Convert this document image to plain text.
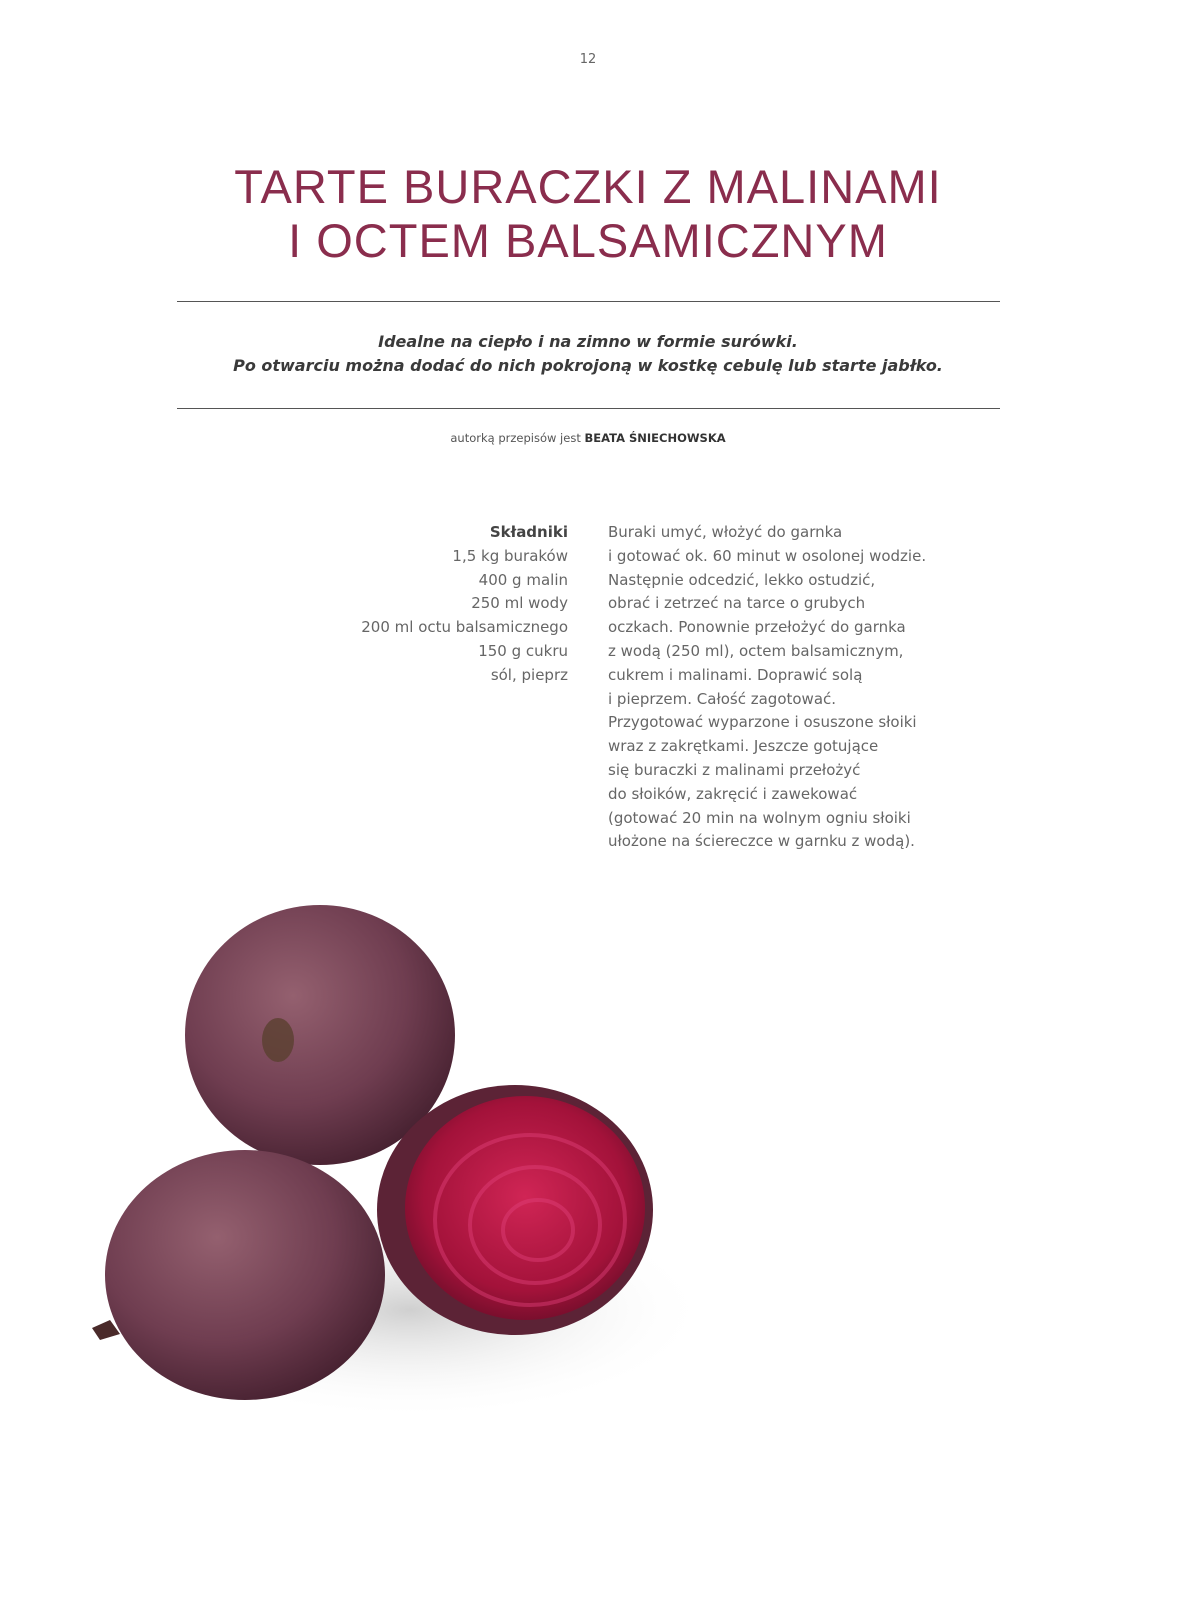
12
TARTE BURACZKI Z MALINAMI
I OCTEM BALSAMICZNYM
Idealne na ciepło i na zimno w formie surówki.
Po otwarciu można dodać do nich pokrojoną w kostkę cebulę lub starte jabłko.
autorką przepisów jest BEATA ŚNIECHOWSKA
Składniki
1,5 kg buraków
400 g malin
250 ml wody
200 ml octu balsamicznego
150 g cukru
sól, pieprz
Buraki umyć, włożyć do garnka
i gotować ok. 60 minut w osolonej wodzie.
Następnie odcedzić, lekko ostudzić,
obrać i zetrzeć na tarce o grubych
oczkach. Ponownie przełożyć do garnka
z wodą (250 ml), octem balsamicznym,
cukrem i malinami. Doprawić solą
i pieprzem. Całość zagotować.
Przygotować wyparzone i osuszone słoiki
wraz z zakrętkami. Jeszcze gotujące
się buraczki z malinami przełożyć
do słoików, zakręcić i zawekować
(gotować 20 min na wolnym ogniu słoiki
ułożone na ściereczce w garnku z wodą).
